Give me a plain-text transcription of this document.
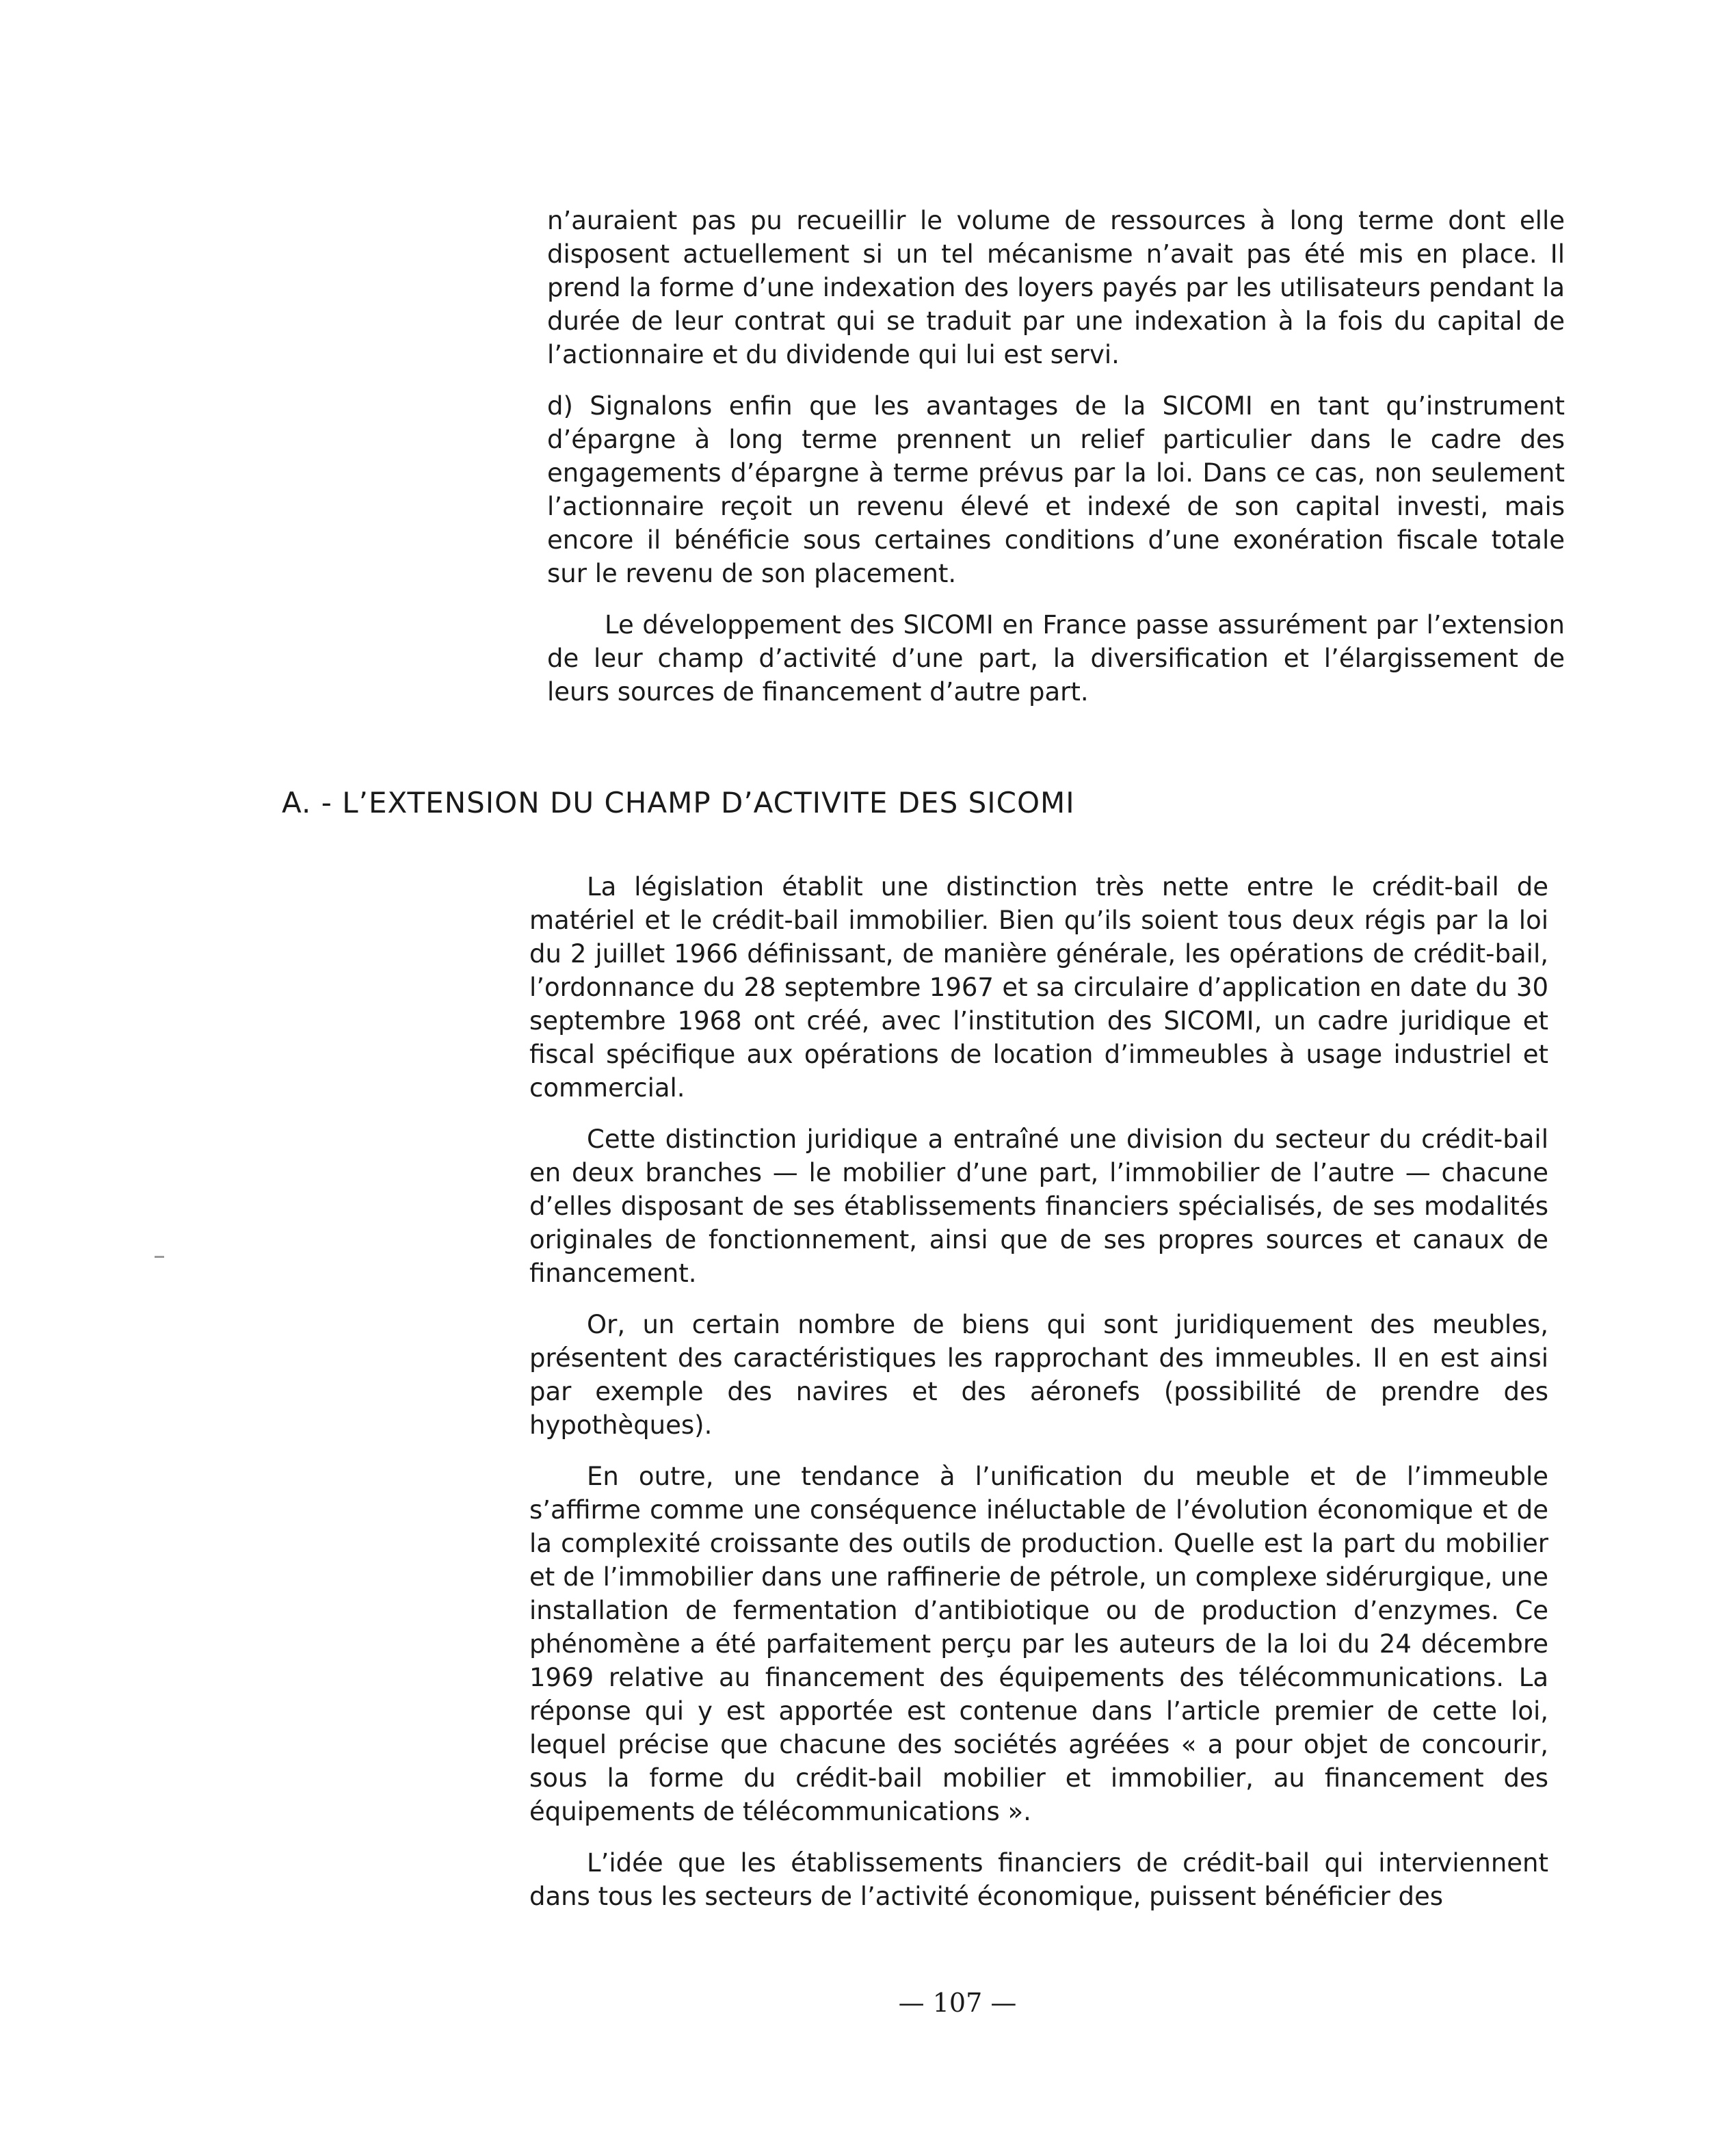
n’auraient pas pu recueillir le volume de ressources à long terme dont elle disposent actuellement si un tel mécanisme n’avait pas été mis en place. Il prend la forme d’une indexation des loyers payés par les utilisateurs pendant la durée de leur contrat qui se traduit par une indexation à la fois du capital de l’actionnaire et du dividende qui lui est servi.

d) Signalons enfin que les avantages de la SICOMI en tant qu’instrument d’épargne à long terme prennent un relief particulier dans le cadre des engagements d’épargne à terme prévus par la loi. Dans ce cas, non seulement l’actionnaire reçoit un revenu élevé et indexé de son capital investi, mais encore il bénéficie sous certaines conditions d’une exonération fiscale totale sur le revenu de son placement.

Le développement des SICOMI en France passe assurément par l’extension de leur champ d’activité d’une part, la diversification et l’élargissement de leurs sources de financement d’autre part.

A. - L’EXTENSION DU CHAMP D’ACTIVITE DES SICOMI

La législation établit une distinction très nette entre le crédit-bail de matériel et le crédit-bail immobilier. Bien qu’ils soient tous deux régis par la loi du 2 juillet 1966 définissant, de manière générale, les opérations de crédit-bail, l’ordonnance du 28 septembre 1967 et sa circulaire d’application en date du 30 septembre 1968 ont créé, avec l’institution des SICOMI, un cadre juridique et fiscal spécifique aux opérations de location d’immeubles à usage industriel et commercial.

Cette distinction juridique a entraîné une division du secteur du crédit-bail en deux branches — le mobilier d’une part, l’immobilier de l’autre — chacune d’elles disposant de ses établissements financiers spécialisés, de ses modalités originales de fonctionnement, ainsi que de ses propres sources et canaux de financement.

Or, un certain nombre de biens qui sont juridiquement des meubles, présentent des caractéristiques les rapprochant des immeubles. Il en est ainsi par exemple des navires et des aéronefs (possibilité de prendre des hypothèques).

En outre, une tendance à l’unification du meuble et de l’immeuble s’affirme comme une conséquence inéluctable de l’évolution économique et de la complexité croissante des outils de production. Quelle est la part du mobilier et de l’immobilier dans une raffinerie de pétrole, un complexe sidérurgique, une installation de fermentation d’antibiotique ou de production d’enzymes. Ce phénomène a été parfaitement perçu par les auteurs de la loi du 24 décembre 1969 relative au financement des équipements des télécommunications. La réponse qui y est apportée est contenue dans l’article premier de cette loi, lequel précise que chacune des sociétés agréées « a pour objet de concourir, sous la forme du crédit-bail mobilier et immobilier, au financement des équipements de télécommunications ».

L’idée que les établissements financiers de crédit-bail qui interviennent dans tous les secteurs de l’activité économique, puissent bénéficier des

— 107 —
